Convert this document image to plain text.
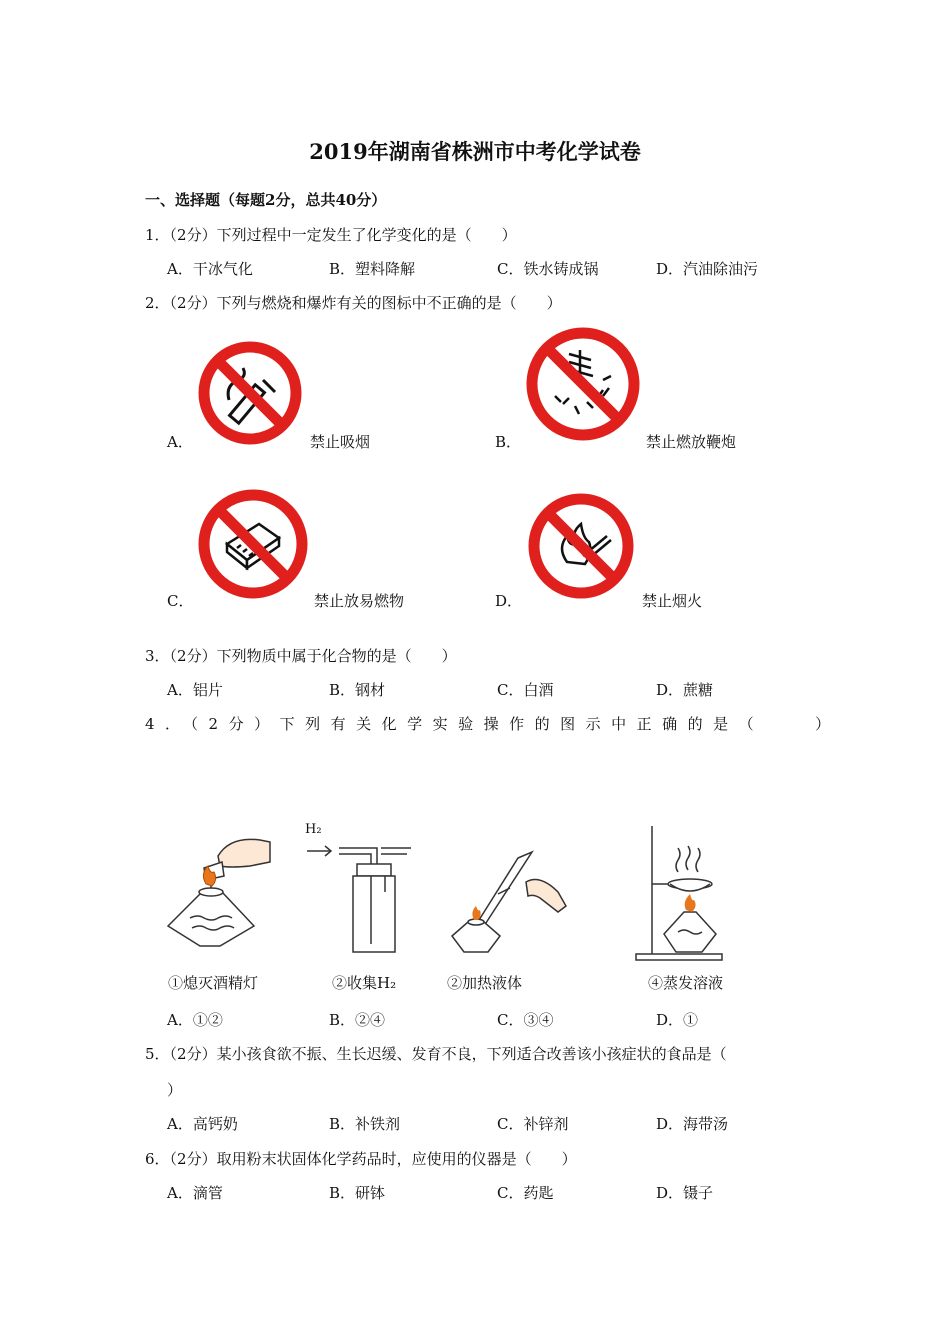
2019年湖南省株洲市中考化学试卷
一、选择题（每题2分，总共40分）
1．（2分）下列过程中一定发生了化学变化的是（　　）
A．干冰气化	B．塑料降解	C．铁水铸成锅	D．汽油除油污
2．（2分）下列与燃烧和爆炸有关的图标中不正确的是（　　）
A．	禁止吸烟	B．	禁止燃放鞭炮
C．	禁止放易燃物	D．	禁止烟火
3．（2分）下列物质中属于化合物的是（　　）
A．铝片	B．钢材	C．白酒	D．蔗糖
4．（2分）下列有关化学实验操作的图示中正确的是（　　）
H₂
①熄灭酒精灯	②收集H₂	②加热液体	④蒸发溶液
A．①②	B．②④	C．③④	D．①
5．（2分）某小孩食欲不振、生长迟缓、发育不良，下列适合改善该小孩症状的食品是（
）
A．高钙奶	B．补铁剂	C．补锌剂	D．海带汤
6．（2分）取用粉末状固体化学药品时，应使用的仪器是（　　）
A．滴管	B．研钵	C．药匙	D．镊子
